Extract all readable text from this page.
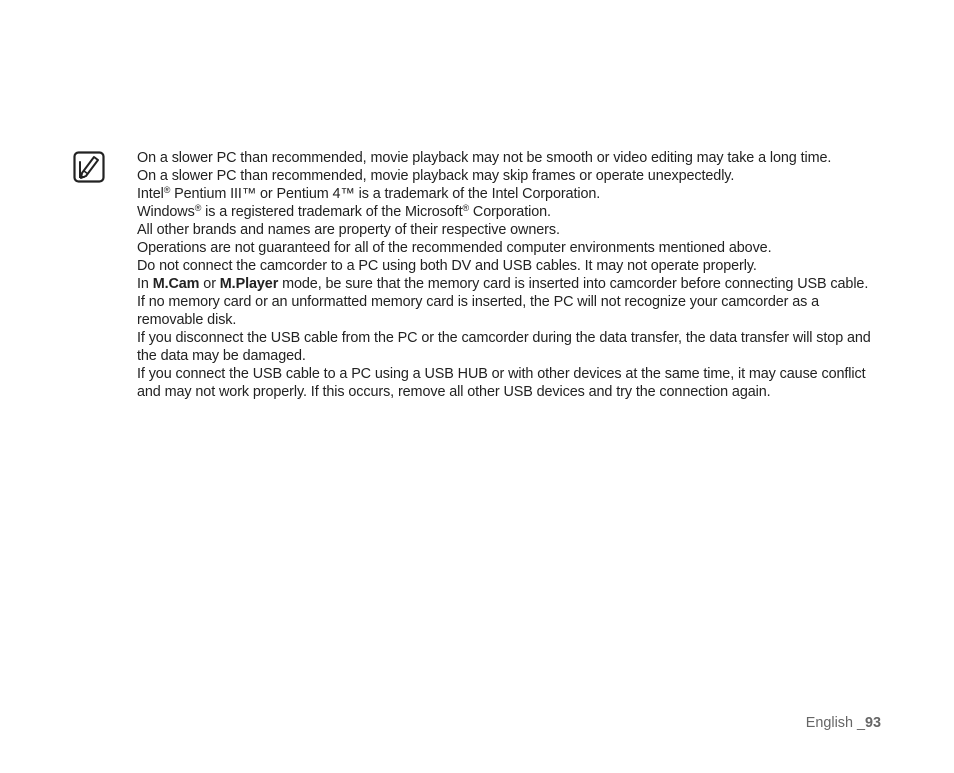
On a slower PC than recommended, movie playback may not be smooth or video editing may take a long time.

On a slower PC than recommended, movie playback may skip frames or operate unexpectedly.

Intel® Pentium III™ or Pentium 4™ is a trademark of the Intel Corporation.

Windows® is a registered trademark of the Microsoft® Corporation.

All other brands and names are property of their respective owners.

Operations are not guaranteed for all of the recommended computer environments mentioned above.

Do not connect the camcorder to a PC using both DV and USB cables. It may not operate properly.

In M.Cam or M.Player mode, be sure that the memory card is inserted into camcorder before connecting USB cable.

If no memory card or an unformatted memory card is inserted, the PC will not recognize your camcorder as a removable disk.

If you disconnect the USB cable from the PC or the camcorder during the data transfer, the data transfer will stop and the data may be damaged.

If you connect the USB cable to a PC using a USB HUB or with other devices at the same time, it may cause conflict and may not work properly. If this occurs, remove all other USB devices and try the connection again.

English _93
